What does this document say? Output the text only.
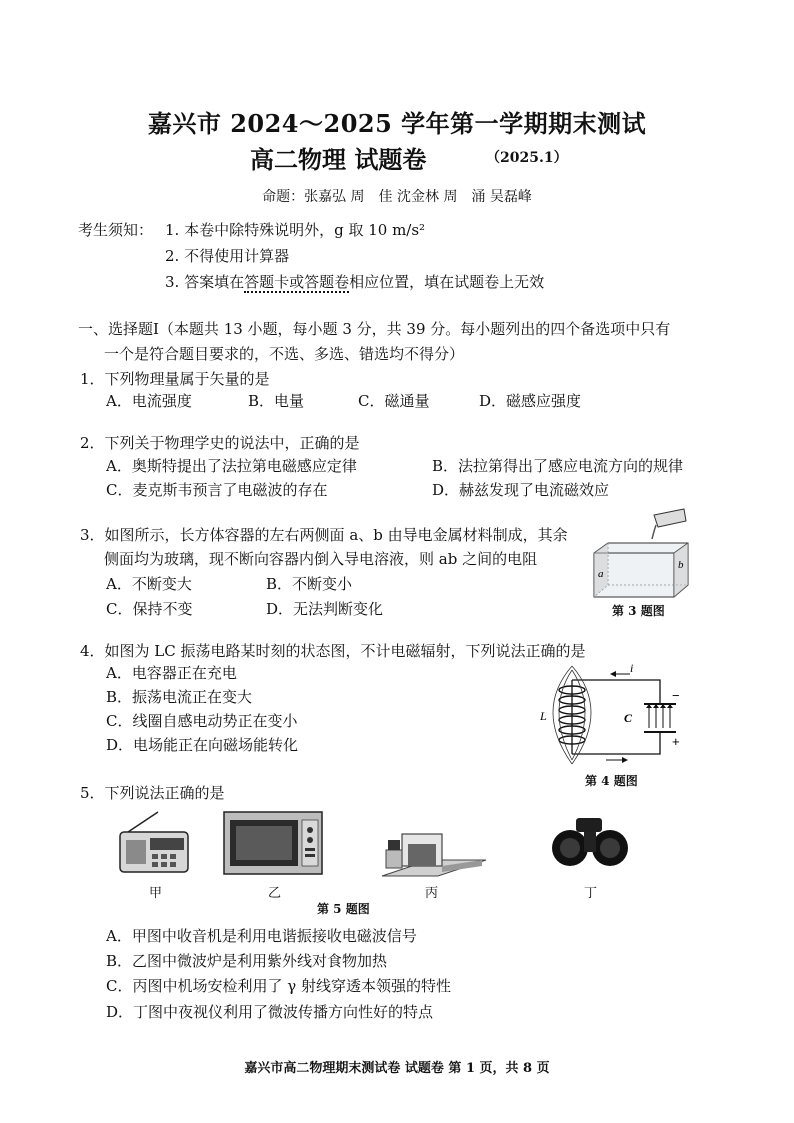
嘉兴市 2024～2025 学年第一学期期末测试
高二物理 试题卷	（2025.1）
命题：张嘉弘 周　佳 沈金林 周　涌 吴磊峰
考生须知： 1. 本卷中除特殊说明外，g 取 10 m/s²
2. 不得使用计算器
3. 答案填在答题卡或答题卷相应位置，填在试题卷上无效
一、选择题Ⅰ（本题共 13 小题，每小题 3 分，共 39 分。每小题列出的四个备选项中只有
一个是符合题目要求的，不选、多选、错选均不得分）
1．下列物理量属于矢量的是
A．电流强度	B．电量	C．磁通量	D．磁感应强度
2．下列关于物理学史的说法中，正确的是
A．奥斯特提出了法拉第电磁感应定律	B．法拉第得出了感应电流方向的规律
C．麦克斯韦预言了电磁波的存在	D．赫兹发现了电流磁效应
3．如图所示，长方体容器的左右两侧面 a、b 由导电金属材料制成，其余
侧面均为玻璃，现不断向容器内倒入导电溶液，则 ab 之间的电阻
A．不断变大	B．不断变小
C．保持不变	D．无法判断变化
a
b
第 3 题图
4．如图为 LC 振荡电路某时刻的状态图，不计电磁辐射，下列说法正确的是
A．电容器正在充电
B．振荡电流正在变大
C．线圈自感电动势正在变小
D．电场能正在向磁场能转化
i
L	C
−
+
第 4 题图
5．下列说法正确的是
甲	乙	丙	丁
第 5 题图
A．甲图中收音机是利用电谐振接收电磁波信号
B．乙图中微波炉是利用紫外线对食物加热
C．丙图中机场安检利用了 γ 射线穿透本领强的特性
D．丁图中夜视仪利用了微波传播方向性好的特点
嘉兴市高二物理期末测试卷 试题卷 第 1 页，共 8 页
